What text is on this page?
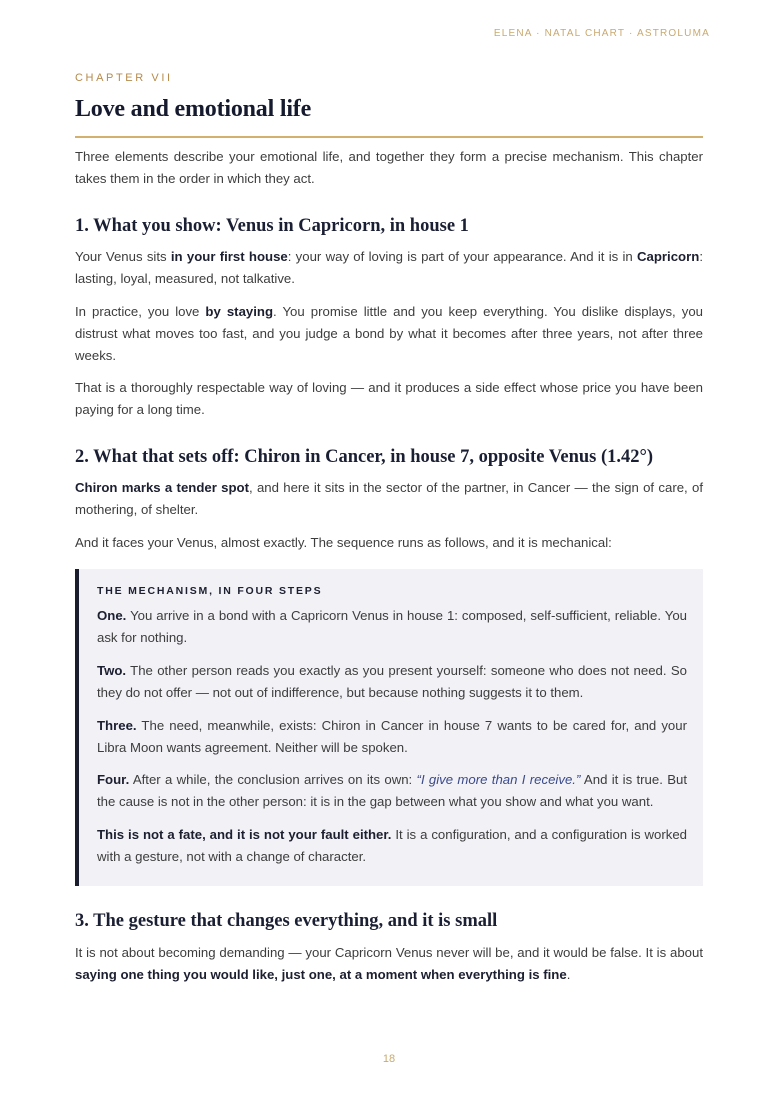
ELENA · NATAL CHART · ASTROLUMA
CHAPTER VII
Love and emotional life

Three elements describe your emotional life, and together they form a precise mechanism. This chapter takes them in the order in which they act.

1. What you show: Venus in Capricorn, in house 1

Your Venus sits in your first house: your way of loving is part of your appearance. And it is in Capricorn: lasting, loyal, measured, not talkative.

In practice, you love by staying. You promise little and you keep everything. You dislike displays, you distrust what moves too fast, and you judge a bond by what it becomes after three years, not after three weeks.

That is a thoroughly respectable way of loving — and it produces a side effect whose price you have been paying for a long time.

2. What that sets off: Chiron in Cancer, in house 7, opposite Venus (1.42°)

Chiron marks a tender spot, and here it sits in the sector of the partner, in Cancer — the sign of care, of mothering, of shelter.

And it faces your Venus, almost exactly. The sequence runs as follows, and it is mechanical:

THE MECHANISM, IN FOUR STEPS

One. You arrive in a bond with a Capricorn Venus in house 1: composed, self-sufficient, reliable. You ask for nothing.

Two. The other person reads you exactly as you present yourself: someone who does not need. So they do not offer — not out of indifference, but because nothing suggests it to them.

Three. The need, meanwhile, exists: Chiron in Cancer in house 7 wants to be cared for, and your Libra Moon wants agreement. Neither will be spoken.

Four. After a while, the conclusion arrives on its own: “I give more than I receive.” And it is true. But the cause is not in the other person: it is in the gap between what you show and what you want.

This is not a fate, and it is not your fault either. It is a configuration, and a configuration is worked with a gesture, not with a change of character.

3. The gesture that changes everything, and it is small

It is not about becoming demanding — your Capricorn Venus never will be, and it would be false. It is about saying one thing you would like, just one, at a moment when everything is fine.

18
